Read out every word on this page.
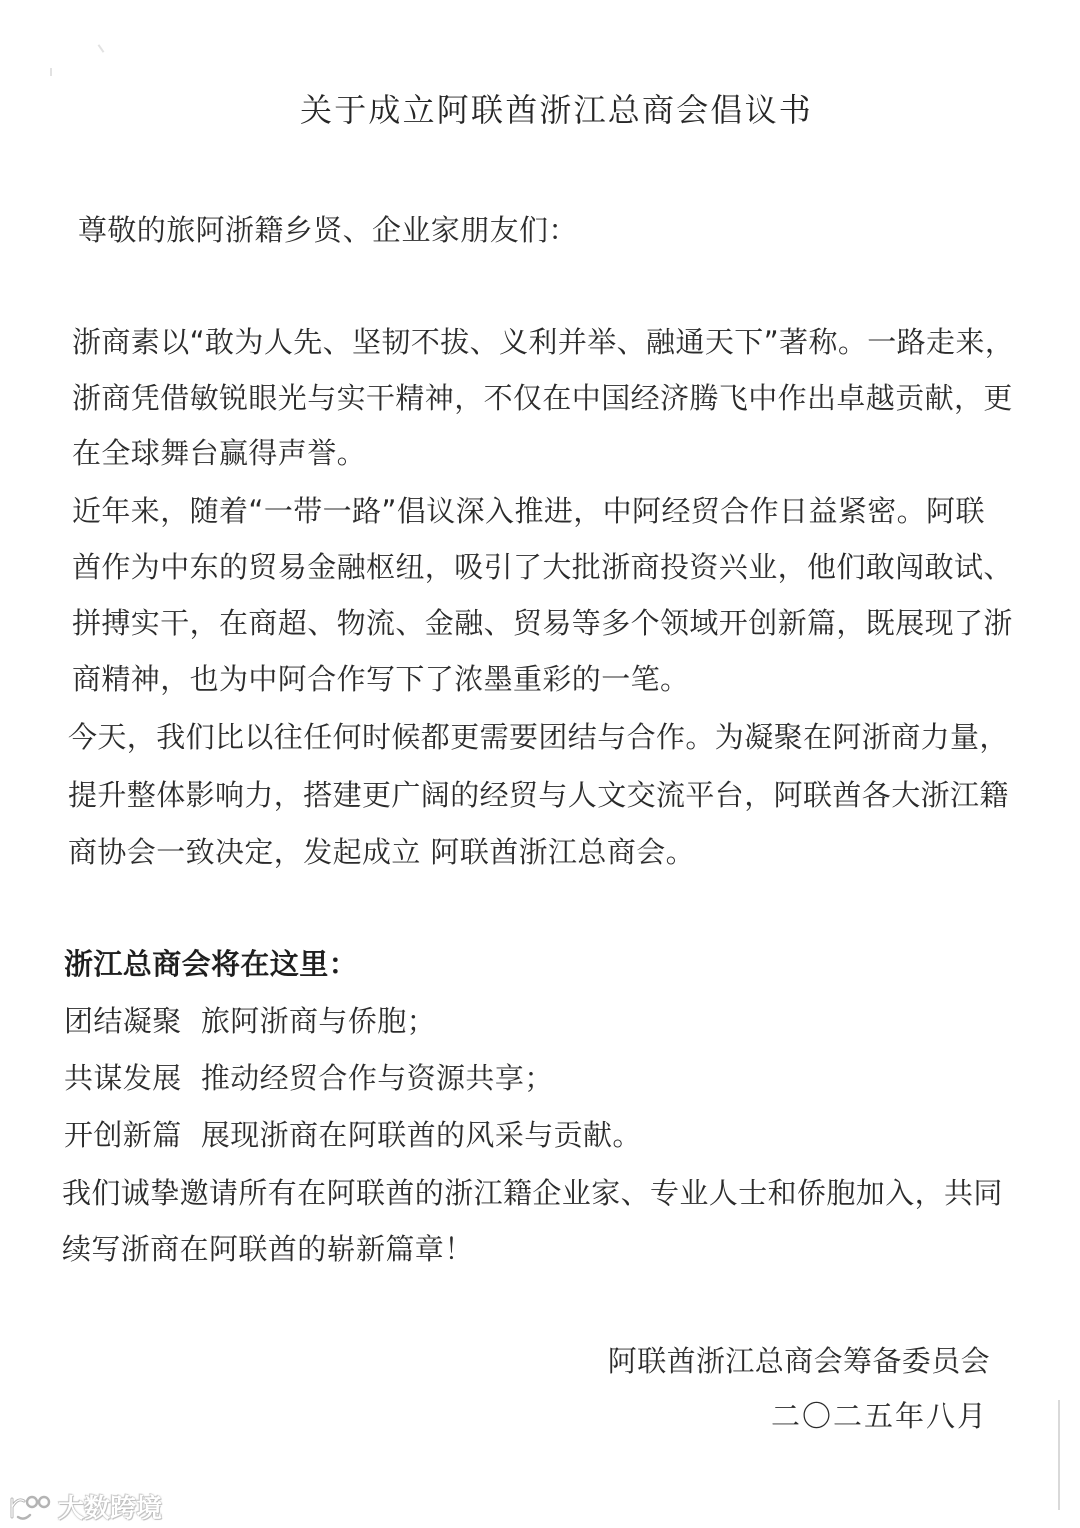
关于成立阿联酋浙江总商会倡议书
尊敬的旅阿浙籍乡贤、企业家朋友们：
浙商素以“敢为人先、坚韧不拔、义利并举、融通天下”著称。一路走来，
浙商凭借敏锐眼光与实干精神，不仅在中国经济腾飞中作出卓越贡献，更
在全球舞台赢得声誉。
近年来，随着“一带一路”倡议深入推进，中阿经贸合作日益紧密。阿联
酋作为中东的贸易金融枢纽，吸引了大批浙商投资兴业，他们敢闯敢试、
拼搏实干，在商超、物流、金融、贸易等多个领域开创新篇，既展现了浙
商精神，也为中阿合作写下了浓墨重彩的一笔。
今天，我们比以往任何时候都更需要团结与合作。为凝聚在阿浙商力量，
提升整体影响力，搭建更广阔的经贸与人文交流平台，阿联酋各大浙江籍
商协会一致决定，发起成立 阿联酋浙江总商会。
浙江总商会将在这里：
团结凝聚  旅阿浙商与侨胞；
共谋发展  推动经贸合作与资源共享；
开创新篇  展现浙商在阿联酋的风采与贡献。
我们诚挚邀请所有在阿联酋的浙江籍企业家、专业人士和侨胞加入，共同
续写浙商在阿联酋的崭新篇章！
阿联酋浙江总商会筹备委员会
二〇二五年八月
大数跨境
